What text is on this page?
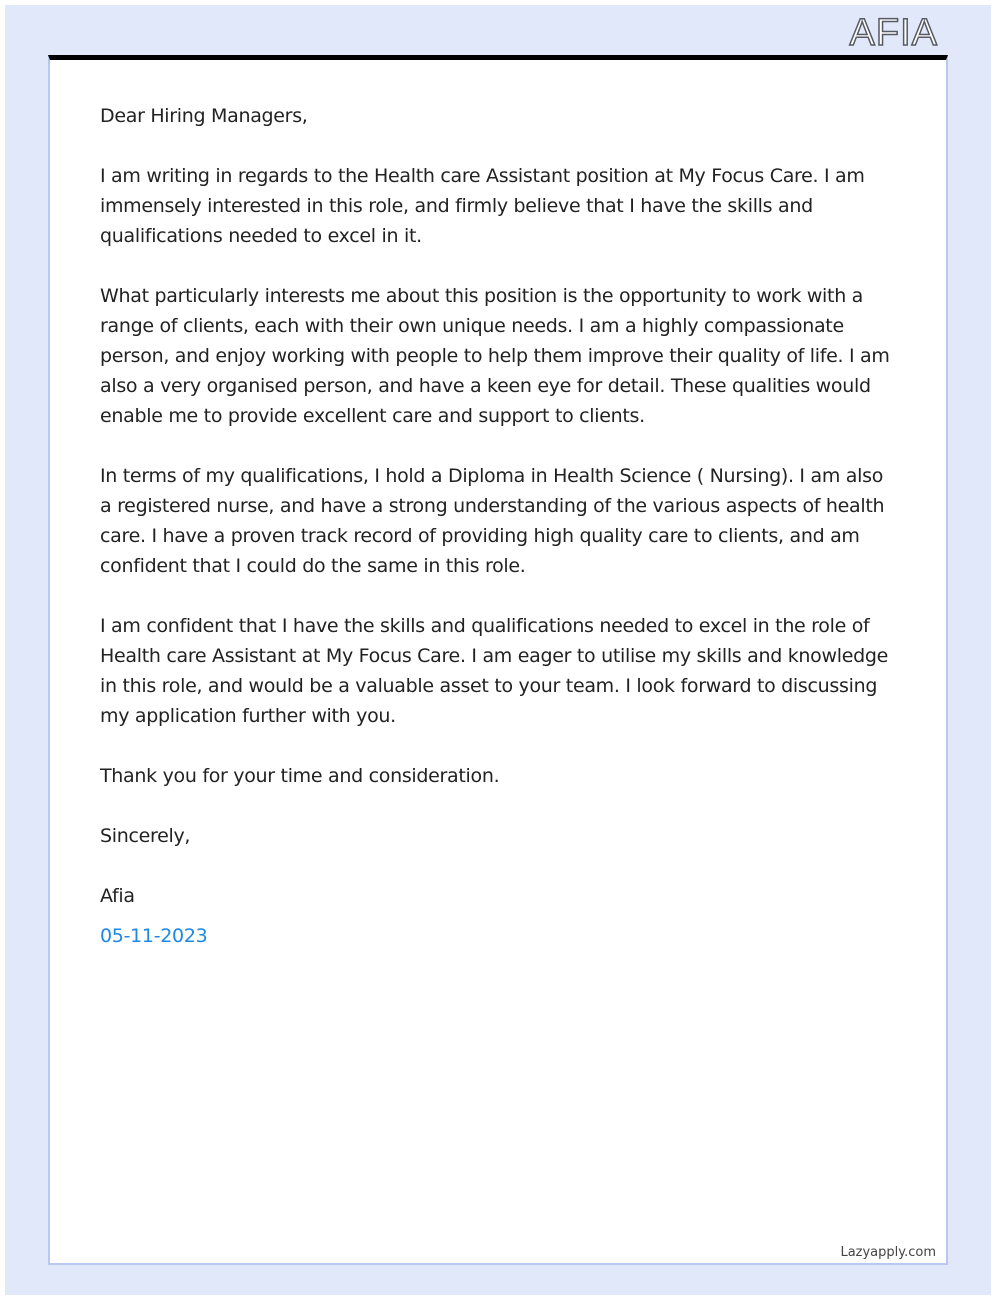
AFIA

Dear Hiring Managers,

I am writing in regards to the Health care Assistant position at My Focus Care. I am immensely interested in this role, and firmly believe that I have the skills and qualifications needed to excel in it.

What particularly interests me about this position is the opportunity to work with a range of clients, each with their own unique needs. I am a highly compassionate person, and enjoy working with people to help them improve their quality of life. I am also a very organised person, and have a keen eye for detail. These qualities would enable me to provide excellent care and support to clients.

In terms of my qualifications, I hold a Diploma in Health Science ( Nursing). I am also a registered nurse, and have a strong understanding of the various aspects of health care. I have a proven track record of providing high quality care to clients, and am confident that I could do the same in this role.

I am confident that I have the skills and qualifications needed to excel in the role of Health care Assistant at My Focus Care. I am eager to utilise my skills and knowledge in this role, and would be a valuable asset to your team. I look forward to discussing my application further with you.

Thank you for your time and consideration.

Sincerely,

Afia

05-11-2023

Lazyapply.com
